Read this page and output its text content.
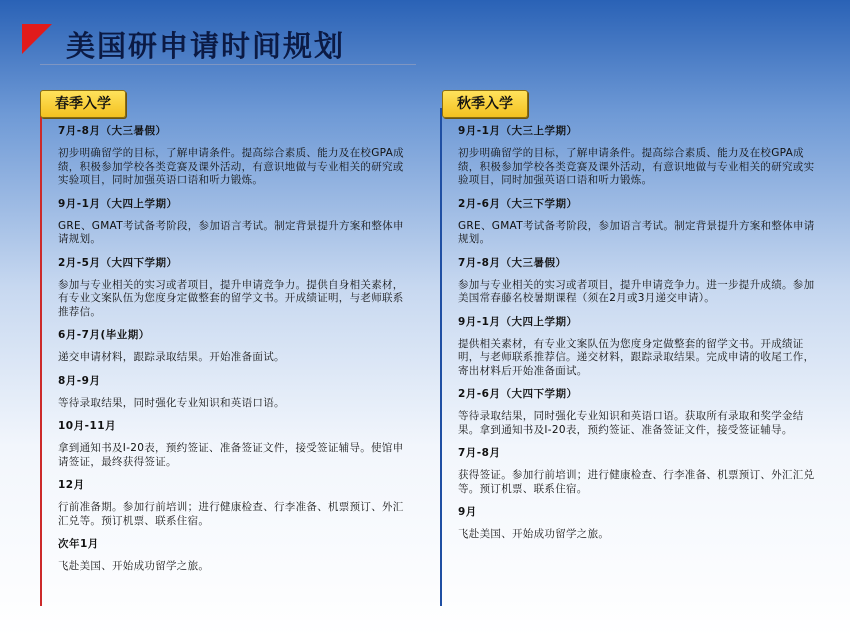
美国研申请时间规划
春季入学	秋季入学
7月-8月（大三暑假）
初步明确留学的目标，了解申请条件。提高综合素质、能力及在校GPA成绩，积极参加学校各类竞赛及课外活动，有意识地做与专业相关的研究或实验项目，同时加强英语口语和听力锻炼。
9月-1月（大四上学期）
GRE、GMAT考试备考阶段，参加语言考试。制定背景提升方案和整体申请规划。
2月-5月（大四下学期）
参加与专业相关的实习或者项目，提升申请竞争力。提供自身相关素材，有专业文案队伍为您度身定做整套的留学文书。开成绩证明，与老师联系推荐信。
6月-7月(毕业期）
递交申请材料，跟踪录取结果。开始准备面试。
8月-9月
等待录取结果，同时强化专业知识和英语口语。
10月-11月
拿到通知书及I-20表，预约签证、准备签证文件，接受签证辅导。使馆申请签证，最终获得签证。
12月
行前准备期。参加行前培训；进行健康检查、行李准备、机票预订、外汇汇兑等。预订机票、联系住宿。
次年1月
飞赴美国、开始成功留学之旅。
9月-1月（大三上学期）
初步明确留学的目标，了解申请条件。提高综合素质、能力及在校GPA成绩，积极参加学校各类竞赛及课外活动，有意识地做与专业相关的研究或实验项目，同时加强英语口语和听力锻炼。
2月-6月（大三下学期）
GRE、GMAT考试备考阶段，参加语言考试。制定背景提升方案和整体申请规划。
7月-8月（大三暑假）
参加与专业相关的实习或者项目，提升申请竞争力。进一步提升成绩。参加美国常春藤名校暑期课程（须在2月或3月递交申请）。
9月-1月（大四上学期）
提供相关素材，有专业文案队伍为您度身定做整套的留学文书。开成绩证明，与老师联系推荐信。递交材料，跟踪录取结果。完成申请的收尾工作，寄出材料后开始准备面试。
2月-6月（大四下学期）
等待录取结果，同时强化专业知识和英语口语。获取所有录取和奖学金结果。拿到通知书及I-20表，预约签证、准备签证文件，接受签证辅导。
7月-8月
获得签证。参加行前培训；进行健康检查、行李准备、机票预订、外汇汇兑等。预订机票、联系住宿。
9月
飞赴美国、开始成功留学之旅。
